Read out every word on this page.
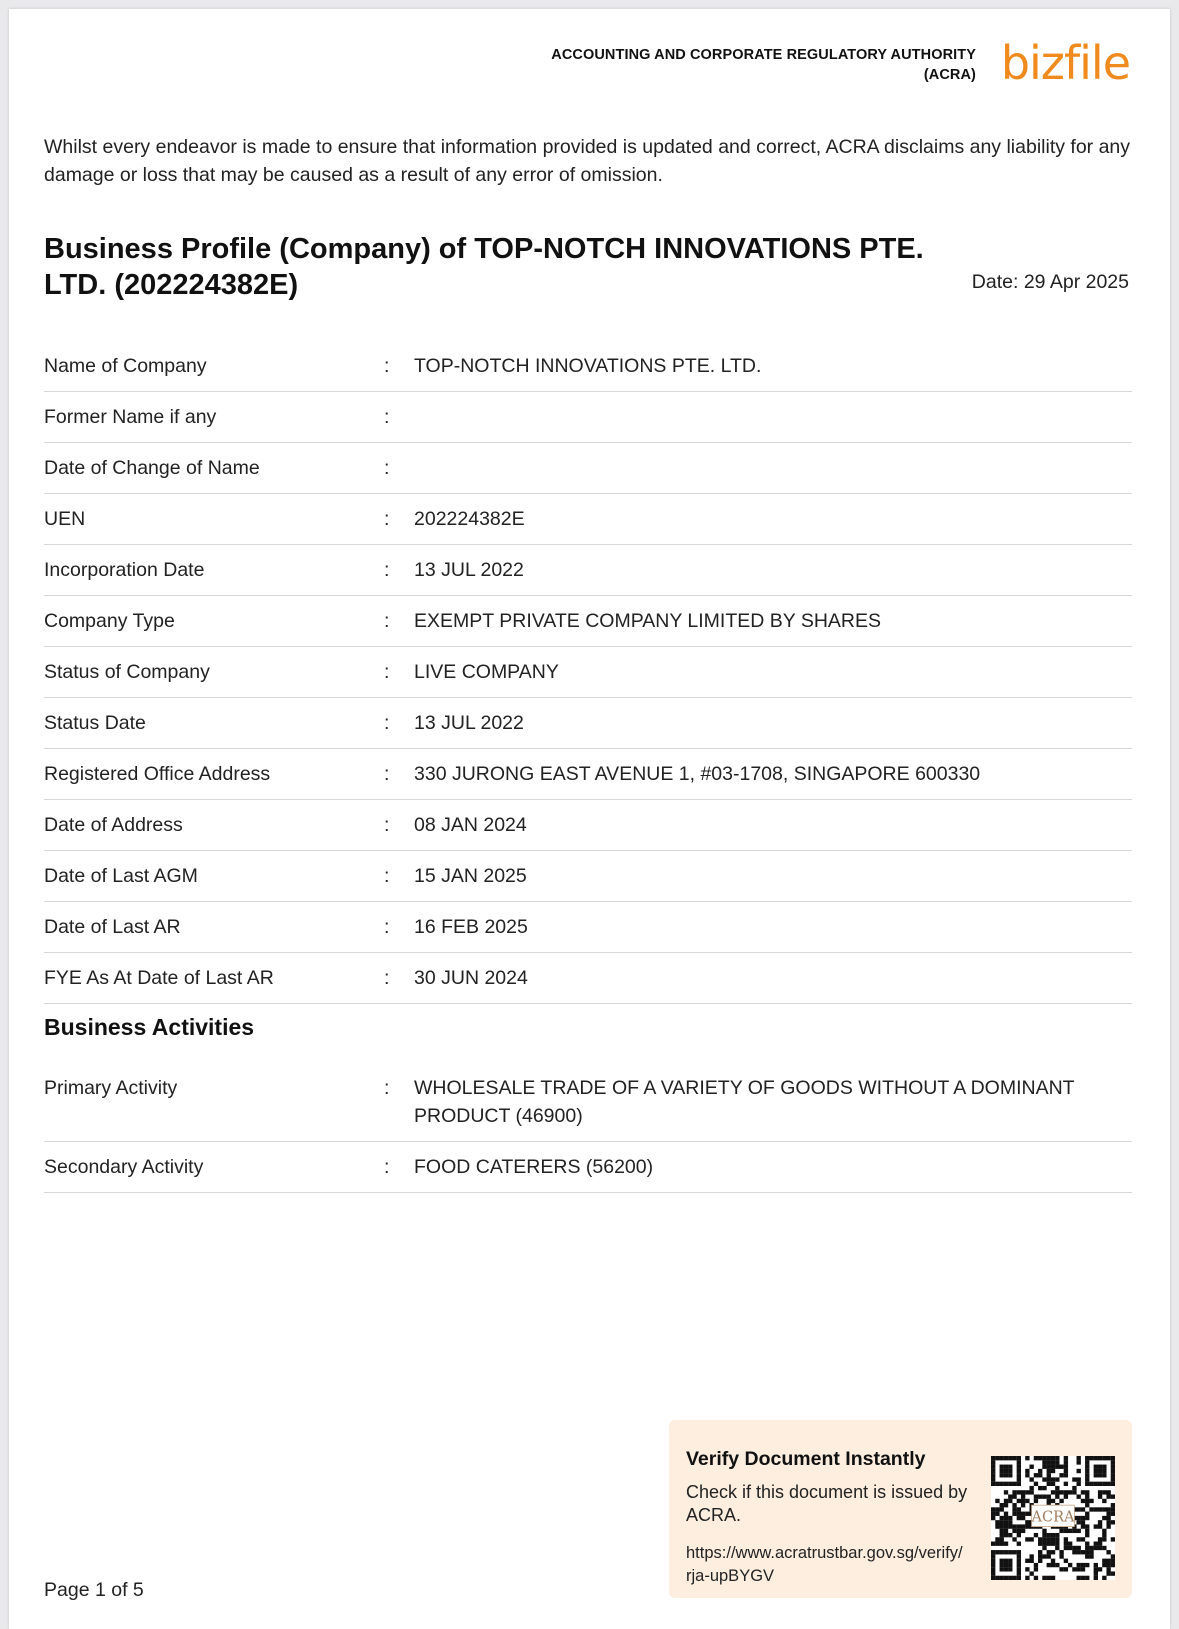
ACCOUNTING AND CORPORATE REGULATORY AUTHORITY
(ACRA) bizfile

Whilst every endeavor is made to ensure that information provided is updated and correct, ACRA disclaims any liability for any damage or loss that may be caused as a result of any error of omission.

Business Profile (Company) of TOP-NOTCH INNOVATIONS PTE. LTD. (202224382E)	Date: 29 Apr 2025
Name of Company	:	TOP-NOTCH INNOVATIONS PTE. LTD.
Former Name if any	:
Date of Change of Name	:
UEN	:	202224382E
Incorporation Date	:	13 JUL 2022
Company Type	:	EXEMPT PRIVATE COMPANY LIMITED BY SHARES
Status of Company	:	LIVE COMPANY
Status Date	:	13 JUL 2022
Registered Office Address	:	330 JURONG EAST AVENUE 1, #03-1708, SINGAPORE 600330
Date of Address	:	08 JAN 2024
Date of Last AGM	:	15 JAN 2025
Date of Last AR	:	16 FEB 2025
FYE As At Date of Last AR	:	30 JUN 2024
Business Activities
Primary Activity	:	WHOLESALE TRADE OF A VARIETY OF GOODS WITHOUT A DOMINANT PRODUCT (46900)
Secondary Activity	:	FOOD CATERERS (56200)
Page 1 of 5
Verify Document Instantly
Check if this document is issued by ACRA.
https://www.acratrustbar.gov.sg/verify/rja-upBYGV
ACRA
